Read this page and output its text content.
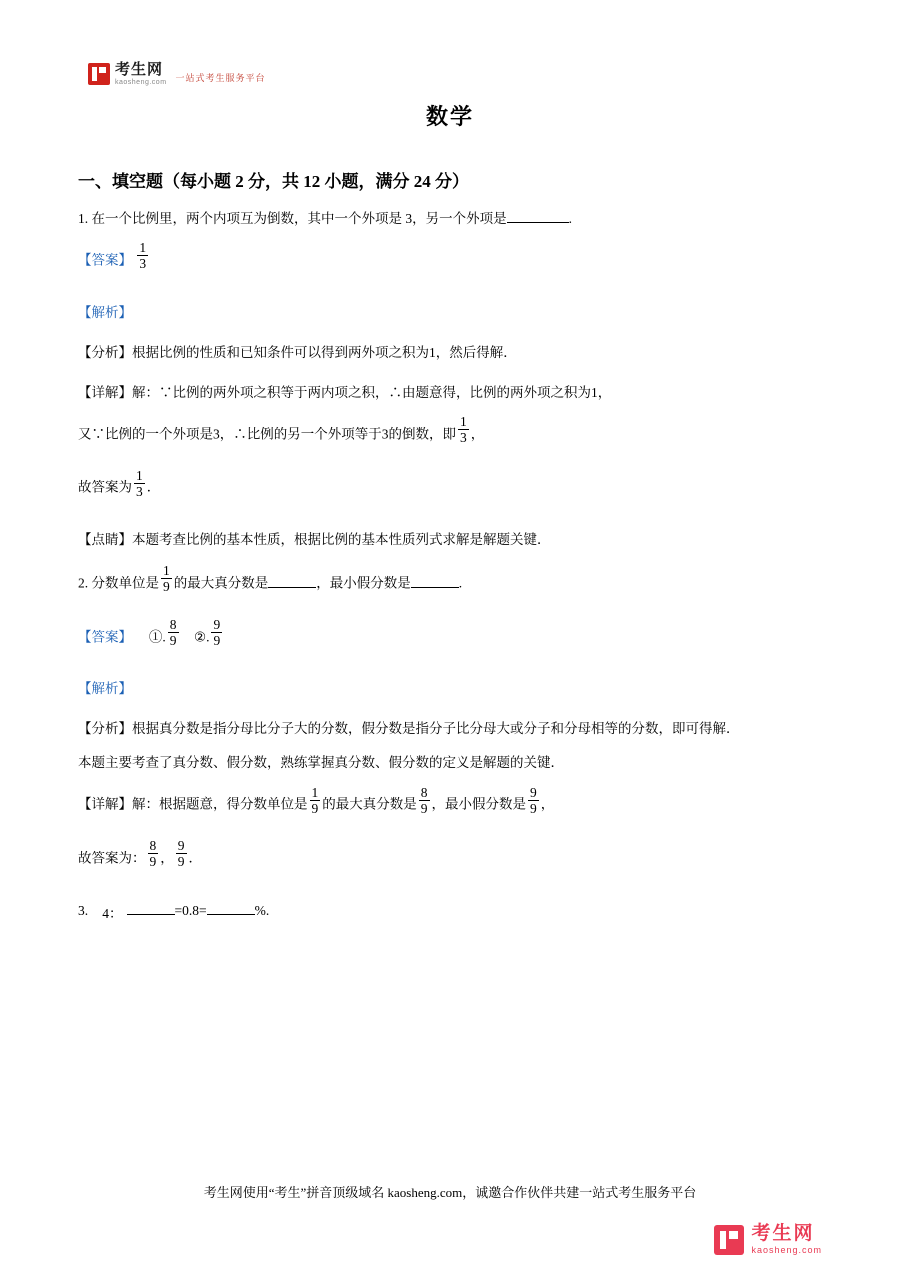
考生网
kaosheng.com 一站式考生服务平台
数学
一、填空题（每小题 2 分，共 12 小题，满分 24 分）
1. 在一个比例里，两个内项互为倒数，其中一个外项是 3，另一个外项是	.
【答案】 $\frac{1}{3}$
【解析】
【分析】根据比例的性质和已知条件可以得到两外项之积为1，然后得解．
【详解】解：∵比例的两外项之积等于两内项之积，∴由题意得，比例的两外项之积为1，
又∵比例的一个外项是3，∴比例的另一个外项等于3的倒数，即 $\frac{1}{3}$ ，
故答案为 $\frac{1}{3}$ ．
【点睛】本题考查比例的基本性质，根据比例的基本性质列式求解是解题关键．
2. 分数单位是 $\frac{1}{9}$ 的最大真分数是	，最小假分数是	.
【答案】 ①. $\frac{8}{9}$ ②. $\frac{9}{9}$
【解析】
【分析】根据真分数是指分母比分子大的分数，假分数是指分子比分母大或分子和分母相等的分数，即可得解．
本题主要考查了真分数、假分数，熟练掌握真分数、假分数的定义是解题的关键．
【详解】解：根据题意，得分数单位是 $\frac{1}{9}$ 的最大真分数是 $\frac{8}{9}$ ，最小假分数是 $\frac{9}{9}$ ，
故答案为： $\frac{8}{9}$ ， $\frac{9}{9}$ ．
3. 4：	=0.8=	%.
考生网使用“考生”拼音顶级域名 kaosheng.com，诚邀合作伙伴共建一站式考生服务平台
考生网
kaosheng.com
